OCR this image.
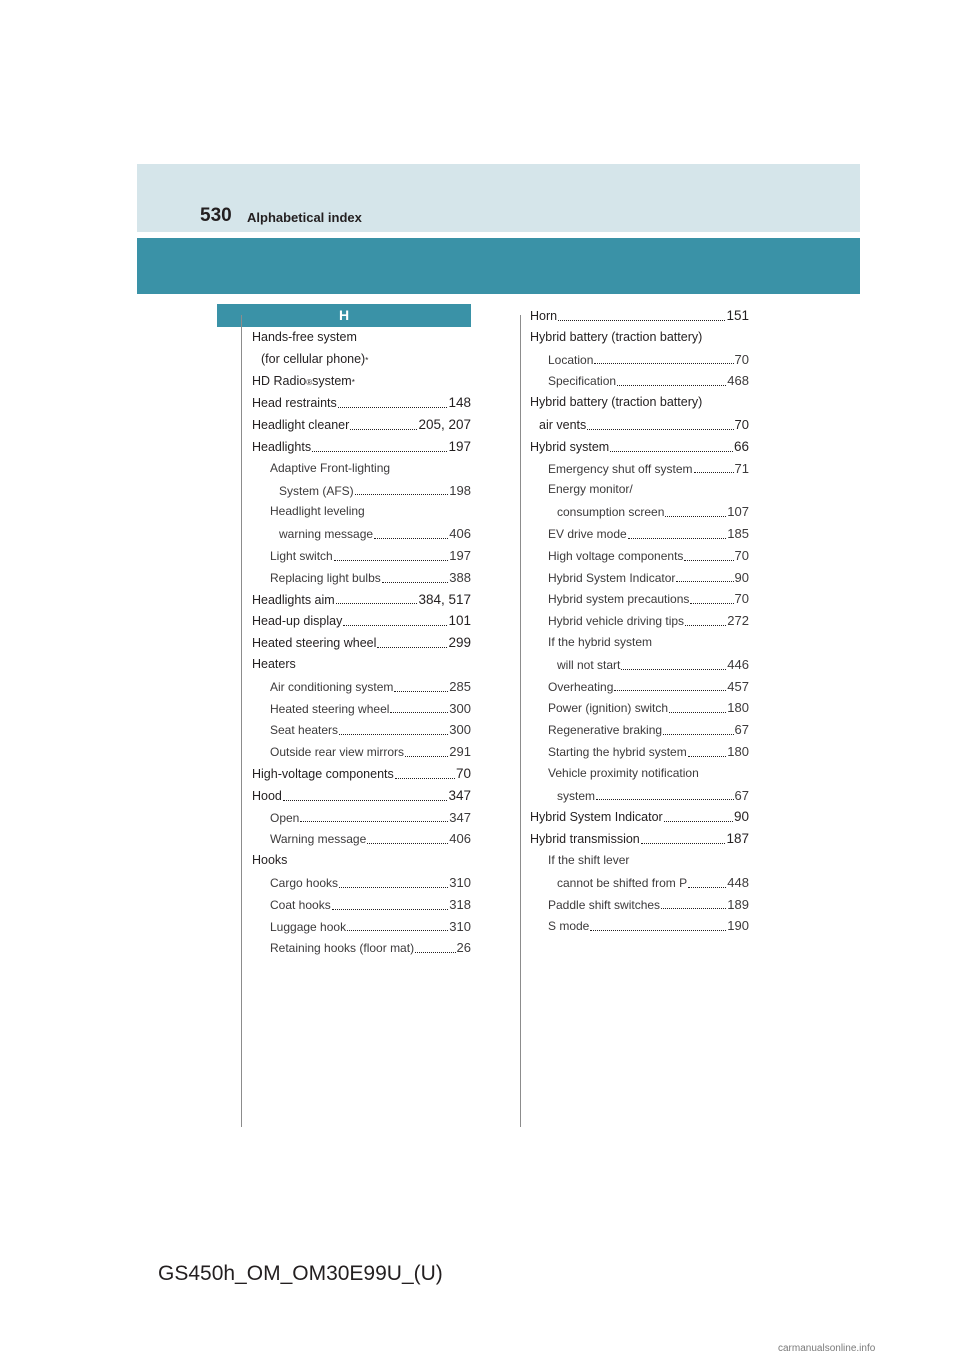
530 Alphabetical index
H
Hands-free system
(for cellular phone) *
HD Radio ® system *
Head restraints	148
Headlight cleaner	205, 207
Headlights	197
Adaptive Front-lighting
System (AFS)	198
Headlight leveling
warning message	406
Light switch	197
Replacing light bulbs	388
Headlights aim	384, 517
Head-up display	101
Heated steering wheel	299
Heaters
Air conditioning system	285
Heated steering wheel	300
Seat heaters	300
Outside rear view mirrors	291
High-voltage components	70
Hood	347
Open	347
Warning message	406
Hooks
Cargo hooks	310
Coat hooks	318
Luggage hook	310
Retaining hooks (floor mat)	26
Horn	151
Hybrid battery (traction battery)
Location	70
Specification	468
Hybrid battery (traction battery)
air vents	70
Hybrid system	66
Emergency shut off system	71
Energy monitor/
consumption screen	107
EV drive mode	185
High voltage components	70
Hybrid System Indicator	90
Hybrid system precautions	70
Hybrid vehicle driving tips	272
If the hybrid system
will not start	446
Overheating	457
Power (ignition) switch	180
Regenerative braking	67
Starting the hybrid system	180
Vehicle proximity notification
system	67
Hybrid System Indicator	90
Hybrid transmission	187
If the shift lever
cannot be shifted from P	448
Paddle shift switches	189
S mode	190
GS450h_OM_OM30E99U_(U)
carmanualsonline.info
